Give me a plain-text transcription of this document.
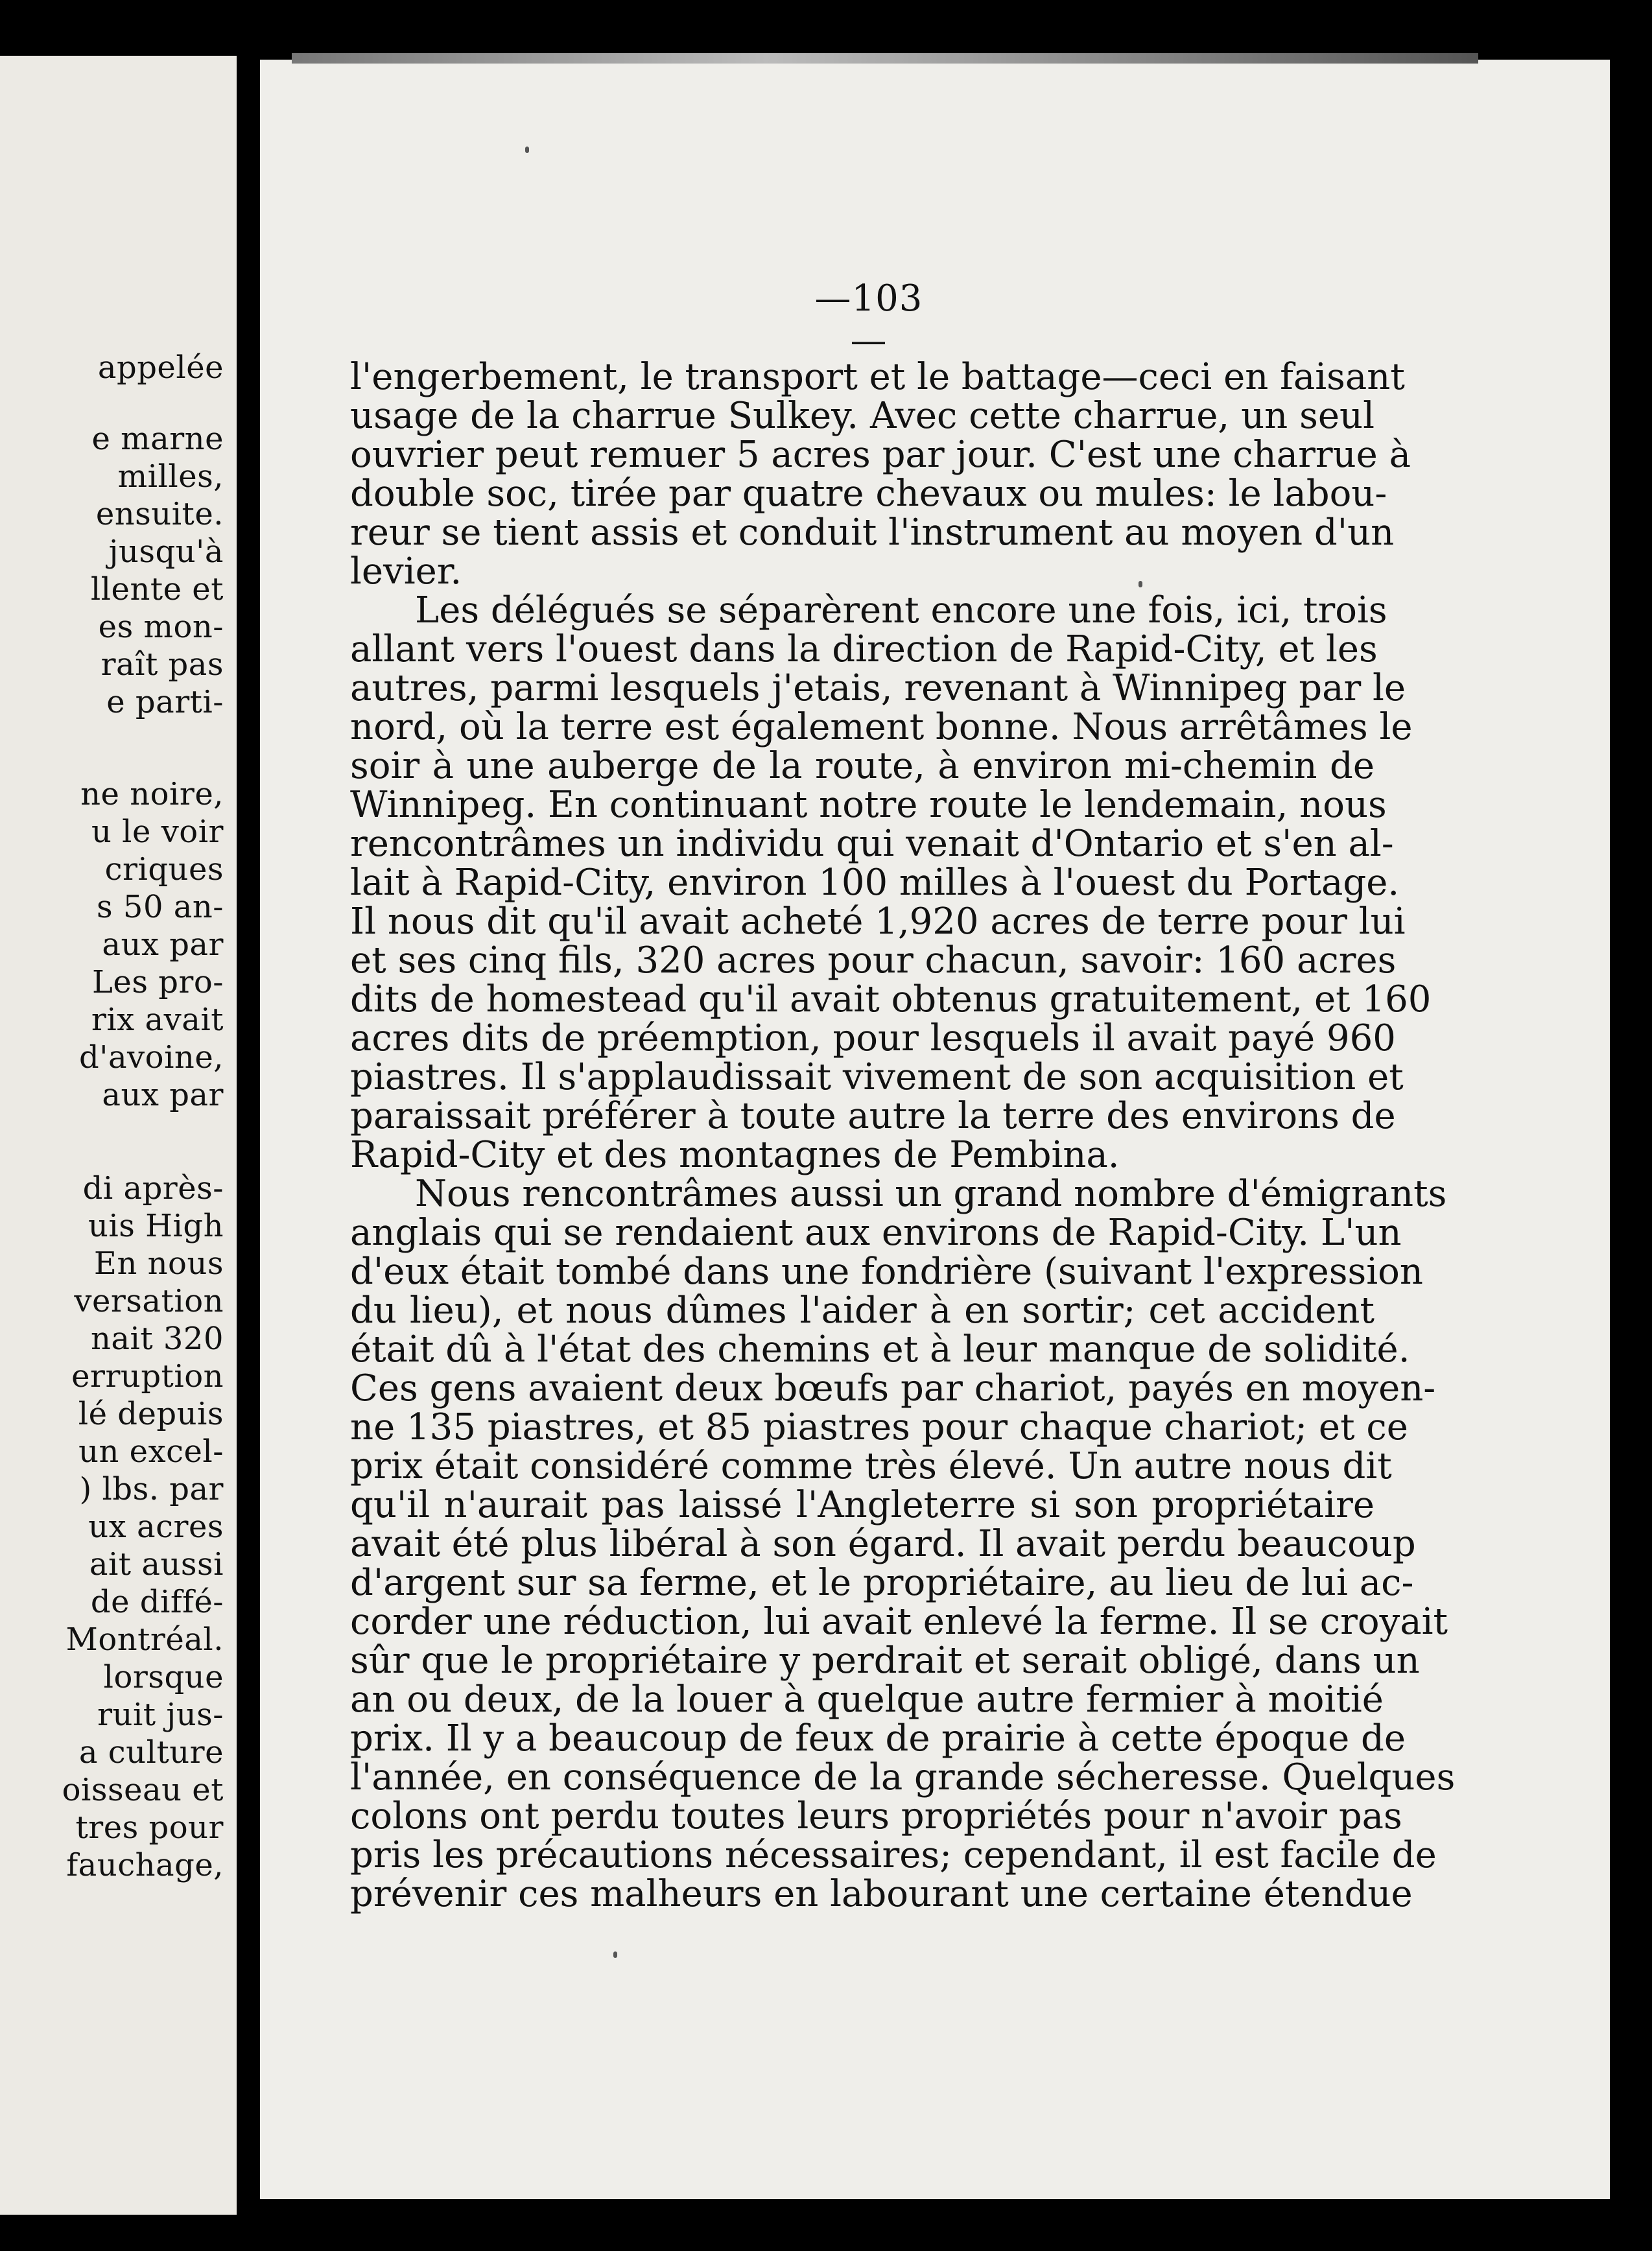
appelée
e marne
milles,
ensuite.
jusqu'à
llente et
es mon-
raît pas
e parti-
ne noire,
u le voir
criques
s 50 an-
aux par
Les pro-
rix avait
d'avoine,
aux par
di après-
uis High
En nous
versation
nait 320
erruption
lé depuis
un excel-
) lbs. par
ux acres
ait aussi
de diffé-
Montréal.
lorsque
ruit jus-
a culture
oisseau et
tres pour
fauchage,
—103—
l'engerbement, le transport et le battage—ceci en faisant
usage de la charrue Sulkey. Avec cette charrue, un seul
ouvrier peut remuer 5 acres par jour. C'est une charrue à
double soc, tirée par quatre chevaux ou mules: le labou-
reur se tient assis et conduit l'instrument au moyen d'un
levier.
Les délégués se séparèrent encore une fois, ici, trois
allant vers l'ouest dans la direction de Rapid-City, et les
autres, parmi lesquels j'etais, revenant à Winnipeg par le
nord, où la terre est également bonne. Nous arrêtâmes le
soir à une auberge de la route, à environ mi-chemin de
Winnipeg. En continuant notre route le lendemain, nous
rencontrâmes un individu qui venait d'Ontario et s'en al-
lait à Rapid-City, environ 100 milles à l'ouest du Portage.
Il nous dit qu'il avait acheté 1,920 acres de terre pour lui
et ses cinq fils, 320 acres pour chacun, savoir: 160 acres
dits de homestead qu'il avait obtenus gratuitement, et 160
acres dits de préemption, pour lesquels il avait payé 960
piastres. Il s'applaudissait vivement de son acquisition et
paraissait préférer à toute autre la terre des environs de
Rapid-City et des montagnes de Pembina.
Nous rencontrâmes aussi un grand nombre d'émigrants
anglais qui se rendaient aux environs de Rapid-City. L'un
d'eux était tombé dans une fondrière (suivant l'expression
du lieu), et nous dûmes l'aider à en sortir; cet accident
était dû à l'état des chemins et à leur manque de solidité.
Ces gens avaient deux bœufs par chariot, payés en moyen-
ne 135 piastres, et 85 piastres pour chaque chariot; et ce
prix était considéré comme très élevé. Un autre nous dit
qu'il n'aurait pas laissé l'Angleterre si son propriétaire
avait été plus libéral à son égard. Il avait perdu beaucoup
d'argent sur sa ferme, et le propriétaire, au lieu de lui ac-
corder une réduction, lui avait enlevé la ferme. Il se croyait
sûr que le propriétaire y perdrait et serait obligé, dans un
an ou deux, de la louer à quelque autre fermier à moitié
prix. Il y a beaucoup de feux de prairie à cette époque de
l'année, en conséquence de la grande sécheresse. Quelques
colons ont perdu toutes leurs propriétés pour n'avoir pas
pris les précautions nécessaires; cependant, il est facile de
prévenir ces malheurs en labourant une certaine étendue
